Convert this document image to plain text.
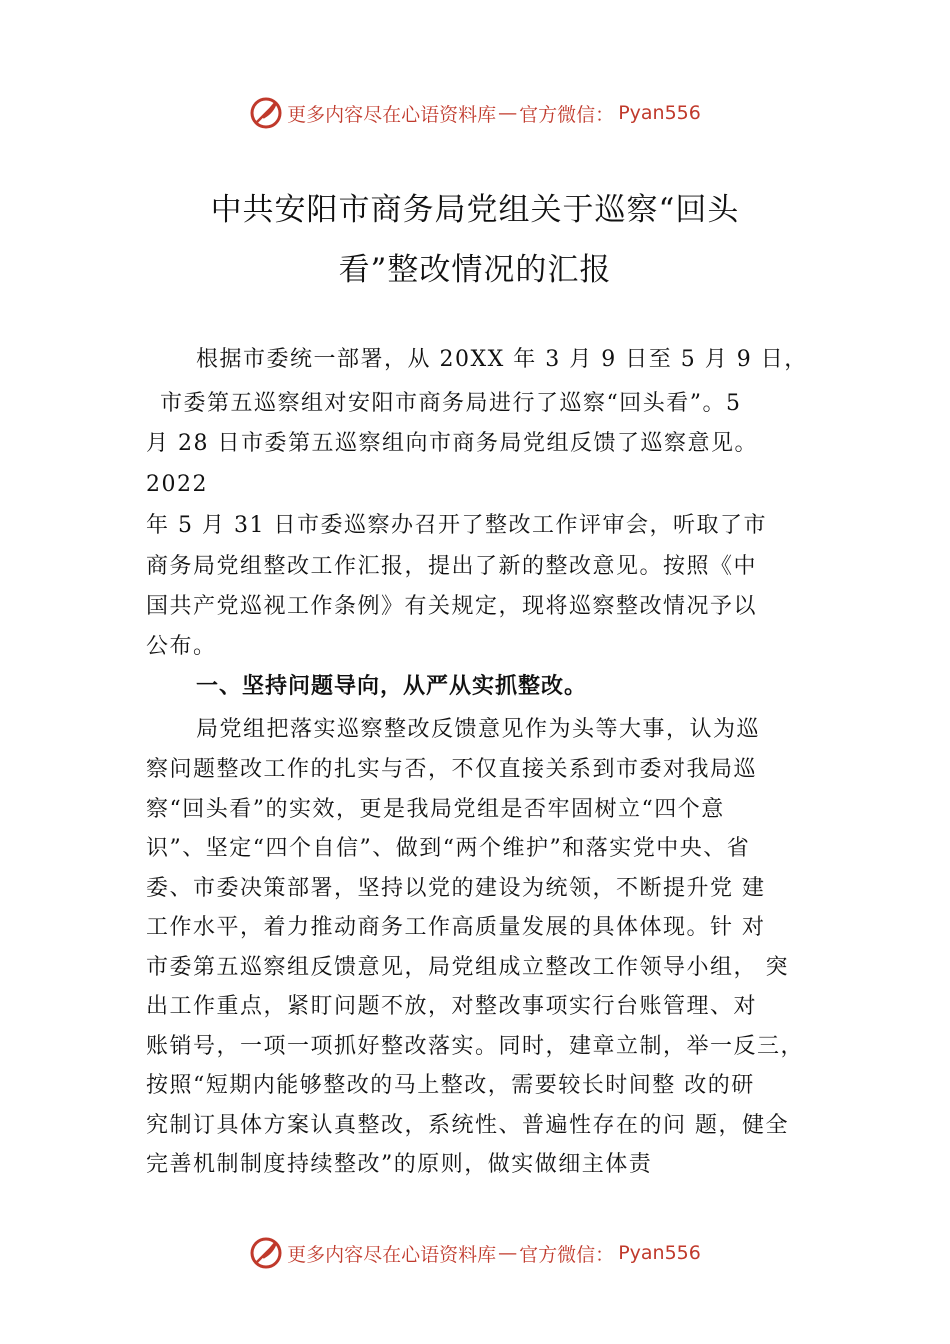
更多内容尽在心语资料库 — 官方微信： Pyan556
中共安阳市商务局党组关于巡察“回头
看”整改情况的汇报
根据市委统一部署，从 20XX 年 3 月 9 日至 5 月 9 日，
市委第五巡察组对安阳市商务局进行了巡察“回头看”。5
月 28 日市委第五巡察组向市商务局党组反馈了巡察意见。
2022
年 5 月 31 日市委巡察办召开了整改工作评审会，听取了市
商务局党组整改工作汇报，提出了新的整改意见。按照《中
国共产党巡视工作条例》有关规定，现将巡察整改情况予以
公布。
一、坚持问题导向，从严从实抓整改。
局党组把落实巡察整改反馈意见作为头等大事，认为巡
察问题整改工作的扎实与否，不仅直接关系到市委对我局巡
察“回头看”的实效，更是我局党组是否牢固树立“四个意
识”、坚定“四个自信”、做到“两个维护”和落实党中央、省
委、市委决策部署，坚持以党的建设为统领，不断提升党 建
工作水平，着力推动商务工作高质量发展的具体体现。针 对
市委第五巡察组反馈意见，局党组成立整改工作领导小组， 突
出工作重点，紧盯问题不放，对整改事项实行台账管理、对
账销号，一项一项抓好整改落实。同时，建章立制，举一反三，
按照“短期内能够整改的马上整改，需要较长时间整 改的研
究制订具体方案认真整改，系统性、普遍性存在的问 题，健全
完善机制制度持续整改”的原则，做实做细主体责
更多内容尽在心语资料库 — 官方微信： Pyan556
